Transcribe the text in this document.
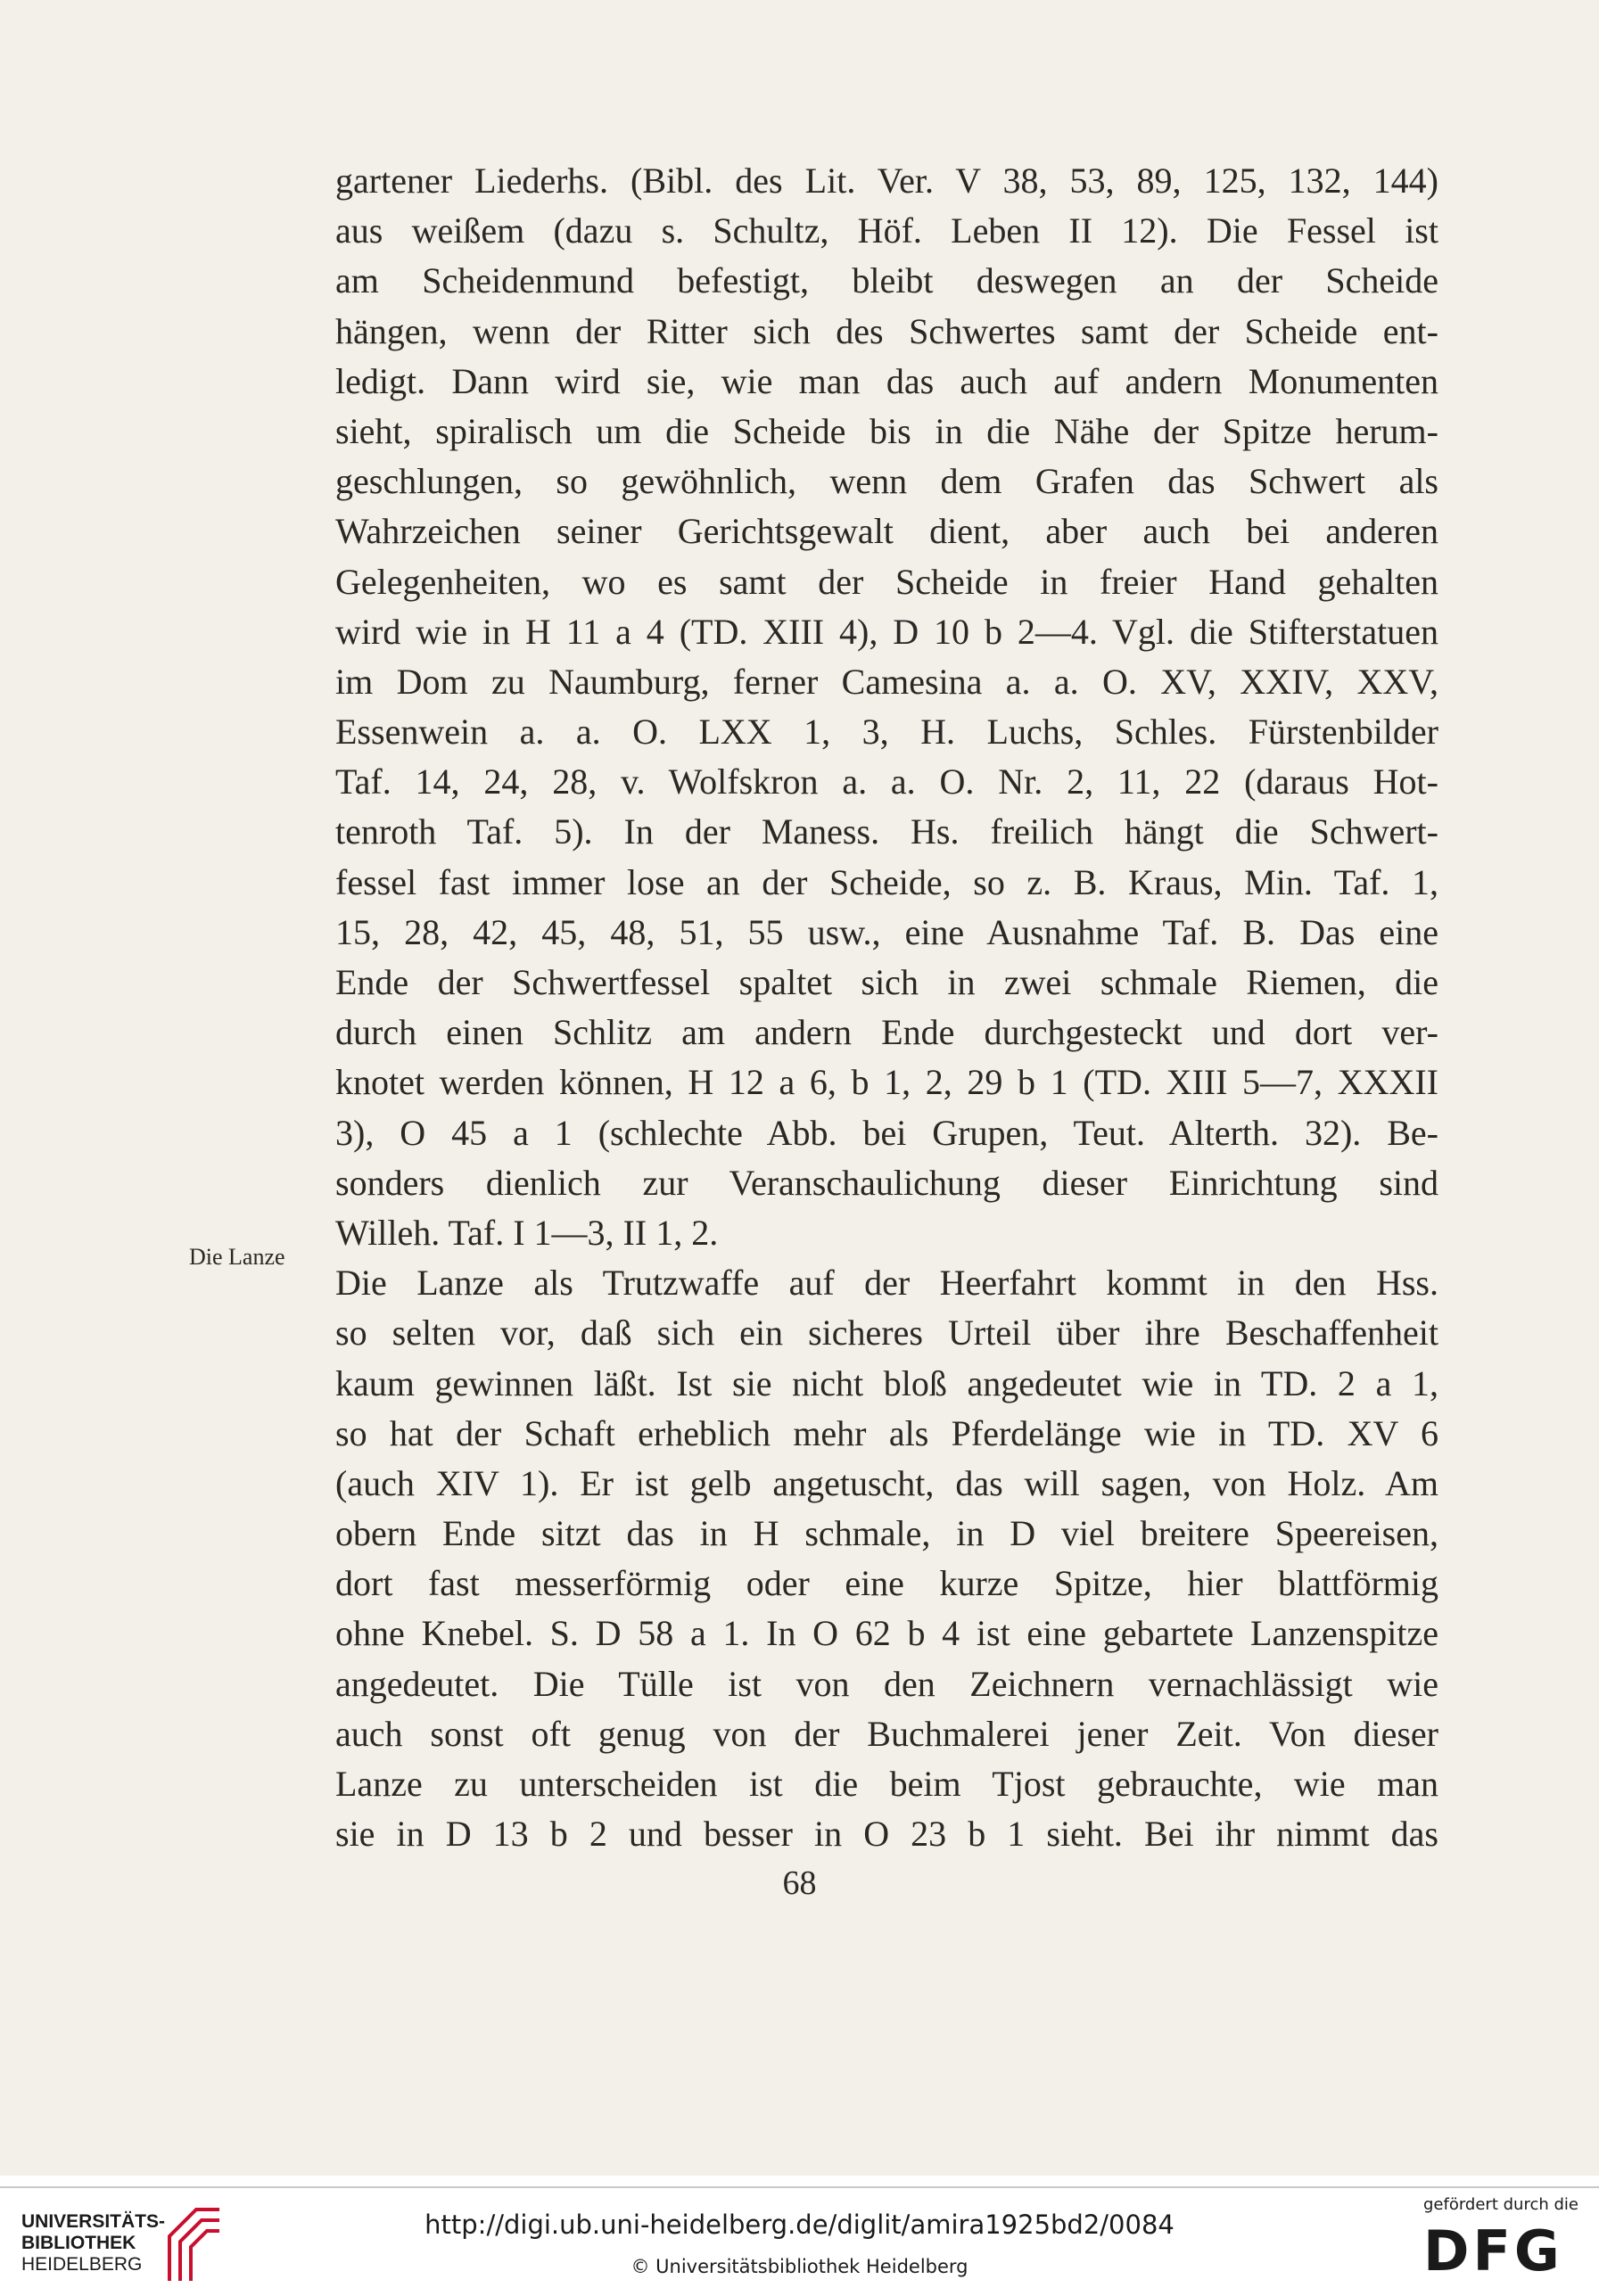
gartener Liederhs. (Bibl. des Lit. Ver. V 38, 53, 89, 125, 132, 144)
aus weißem (dazu s. Schultz, Höf. Leben II 12). Die Fessel ist
am Scheidenmund befestigt, bleibt deswegen an der Scheide
hängen, wenn der Ritter sich des Schwertes samt der Scheide ent-
ledigt. Dann wird sie, wie man das auch auf andern Monumenten
sieht, spiralisch um die Scheide bis in die Nähe der Spitze herum-
geschlungen, so gewöhnlich, wenn dem Grafen das Schwert als
Wahrzeichen seiner Gerichtsgewalt dient, aber auch bei anderen
Gelegenheiten, wo es samt der Scheide in freier Hand gehalten
wird wie in H 11 a 4 (TD. XIII 4), D 10 b 2—4. Vgl. die Stifterstatuen
im Dom zu Naumburg, ferner Camesina a. a. O. XV, XXIV, XXV,
Essenwein a. a. O. LXX 1, 3, H. Luchs, Schles. Fürstenbilder
Taf. 14, 24, 28, v. Wolfskron a. a. O. Nr. 2, 11, 22 (daraus Hot-
tenroth Taf. 5). In der Maness. Hs. freilich hängt die Schwert-
fessel fast immer lose an der Scheide, so z. B. Kraus, Min. Taf. 1,
15, 28, 42, 45, 48, 51, 55 usw., eine Ausnahme Taf. B. Das eine
Ende der Schwertfessel spaltet sich in zwei schmale Riemen, die
durch einen Schlitz am andern Ende durchgesteckt und dort ver-
knotet werden können, H 12 a 6, b 1, 2, 29 b 1 (TD. XIII 5—7, XXXII
3), O 45 a 1 (schlechte Abb. bei Grupen, Teut. Alterth. 32). Be-
sonders dienlich zur Veranschaulichung dieser Einrichtung sind
Willeh. Taf. I 1—3, II 1, 2.
Die Lanze als Trutzwaffe auf der Heerfahrt kommt in den Hss.
so selten vor, daß sich ein sicheres Urteil über ihre Beschaffenheit
kaum gewinnen läßt. Ist sie nicht bloß angedeutet wie in TD. 2 a 1,
so hat der Schaft erheblich mehr als Pferdelänge wie in TD. XV 6
(auch XIV 1). Er ist gelb angetuscht, das will sagen, von Holz. Am
obern Ende sitzt das in H schmale, in D viel breitere Speereisen,
dort fast messerförmig oder eine kurze Spitze, hier blattförmig
ohne Knebel. S. D 58 a 1. In O 62 b 4 ist eine gebartete Lanzenspitze
angedeutet. Die Tülle ist von den Zeichnern vernachlässigt wie
auch sonst oft genug von der Buchmalerei jener Zeit. Von dieser
Lanze zu unterscheiden ist die beim Tjost gebrauchte, wie man
sie in D 13 b 2 und besser in O 23 b 1 sieht. Bei ihr nimmt das
Die Lanze
68
UNIVERSITÄTS-
BIBLIOTHEK
HEIDELBERG
http://digi.ub.uni-heidelberg.de/diglit/amira1925bd2/0084
© Universitätsbibliothek Heidelberg
gefördert durch die
DFG
